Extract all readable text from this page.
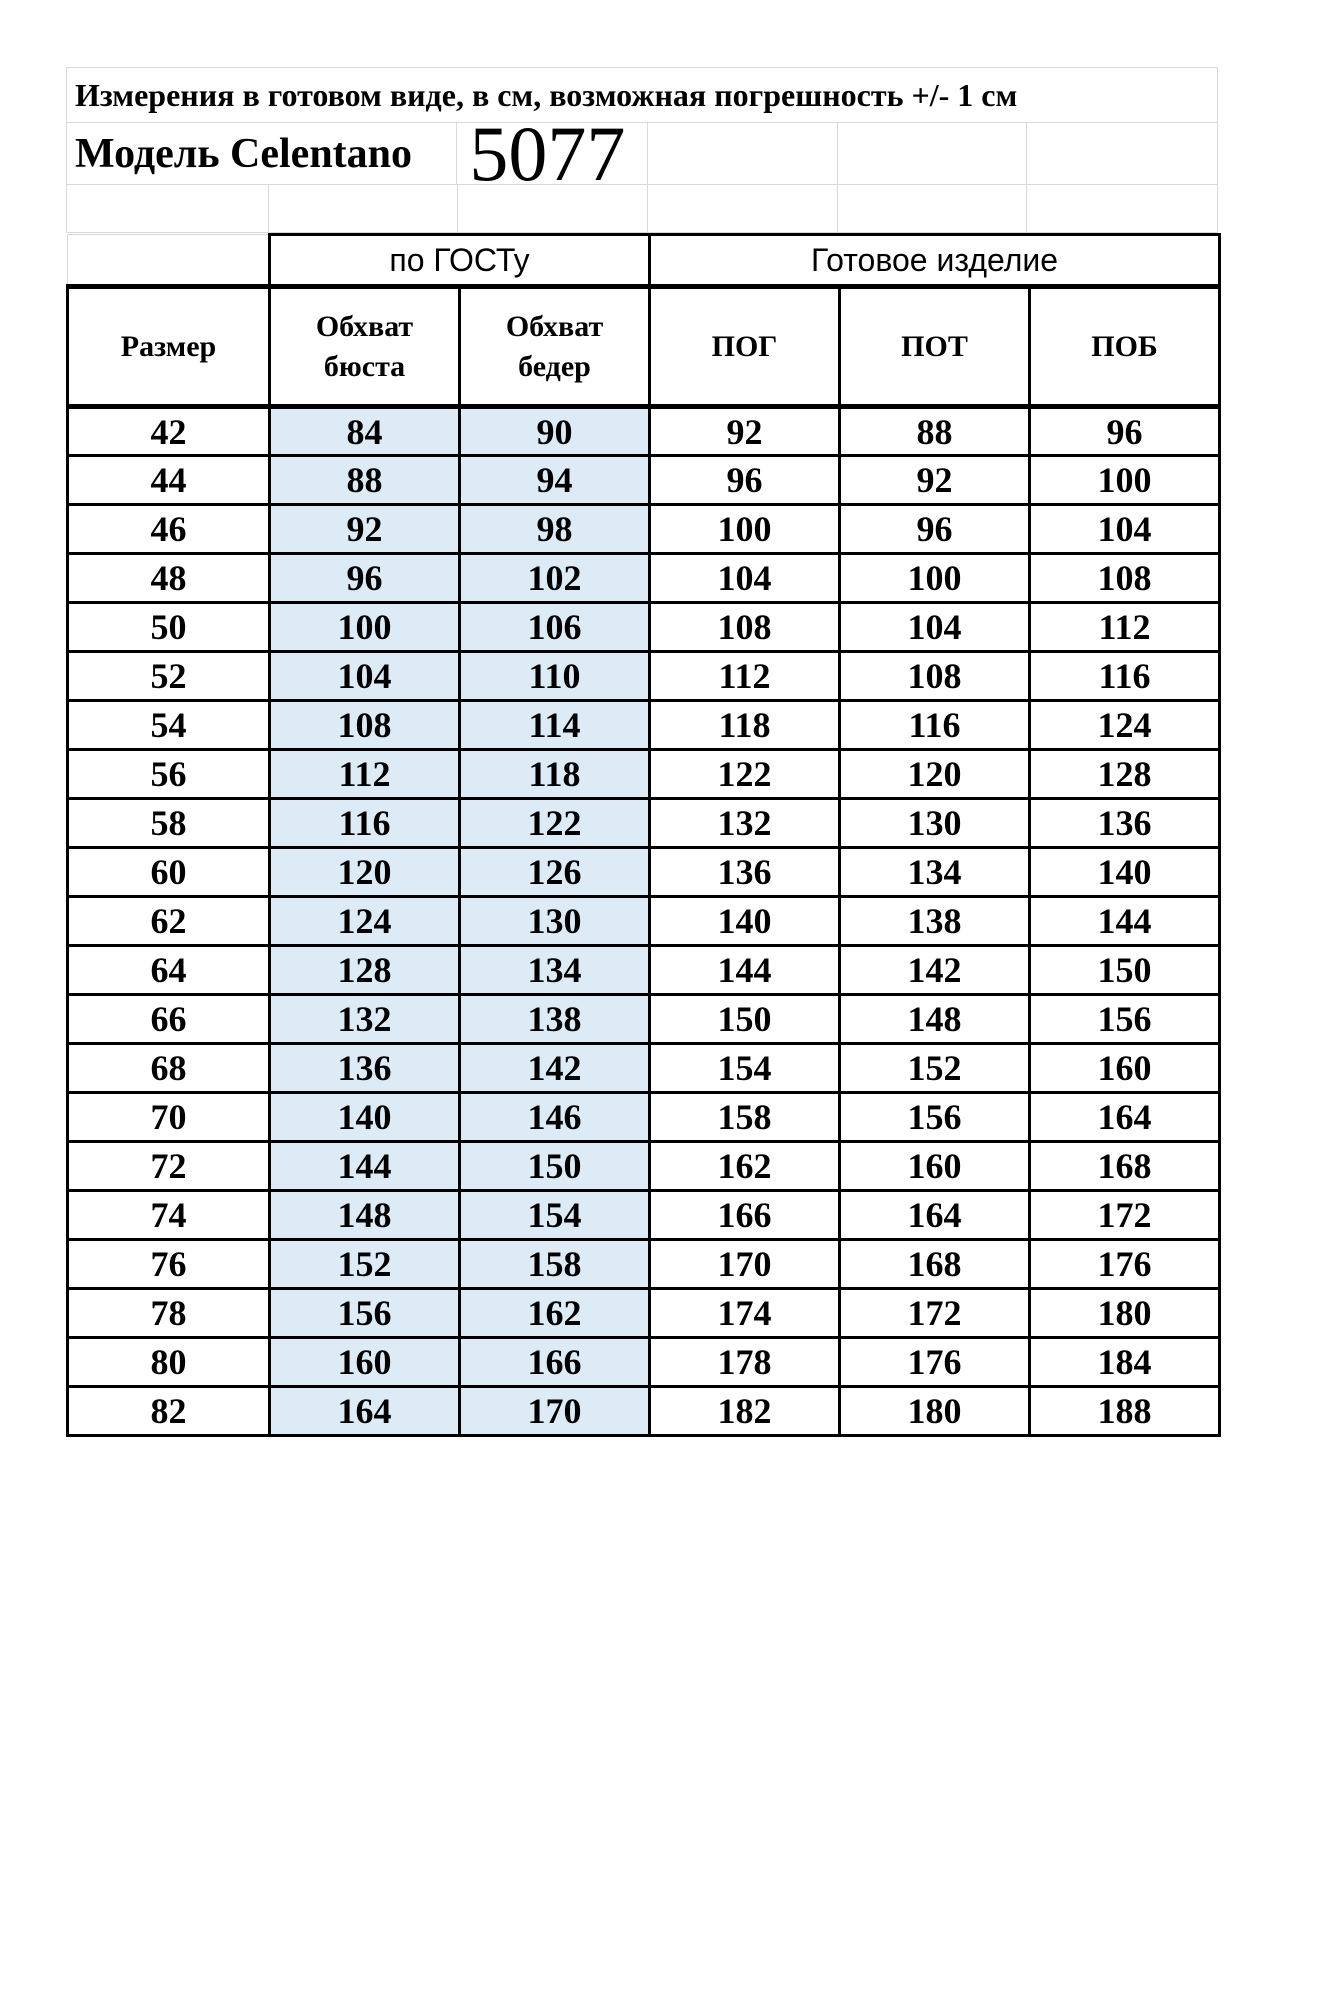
Измерения в готовом виде, в см, возможная погрешность +/- 1 см
Модель Celentano 5077
	по ГОСТу		Готовое изделие		
Размер	Обхват бюста	Обхват бедер	ПОГ	ПОТ	ПОБ
42	84	90	92	88	96
44	88	94	96	92	100
46	92	98	100	96	104
48	96	102	104	100	108
50	100	106	108	104	112
52	104	110	112	108	116
54	108	114	118	116	124
56	112	118	122	120	128
58	116	122	132	130	136
60	120	126	136	134	140
62	124	130	140	138	144
64	128	134	144	142	150
66	132	138	150	148	156
68	136	142	154	152	160
70	140	146	158	156	164
72	144	150	162	160	168
74	148	154	166	164	172
76	152	158	170	168	176
78	156	162	174	172	180
80	160	166	178	176	184
82	164	170	182	180	188
